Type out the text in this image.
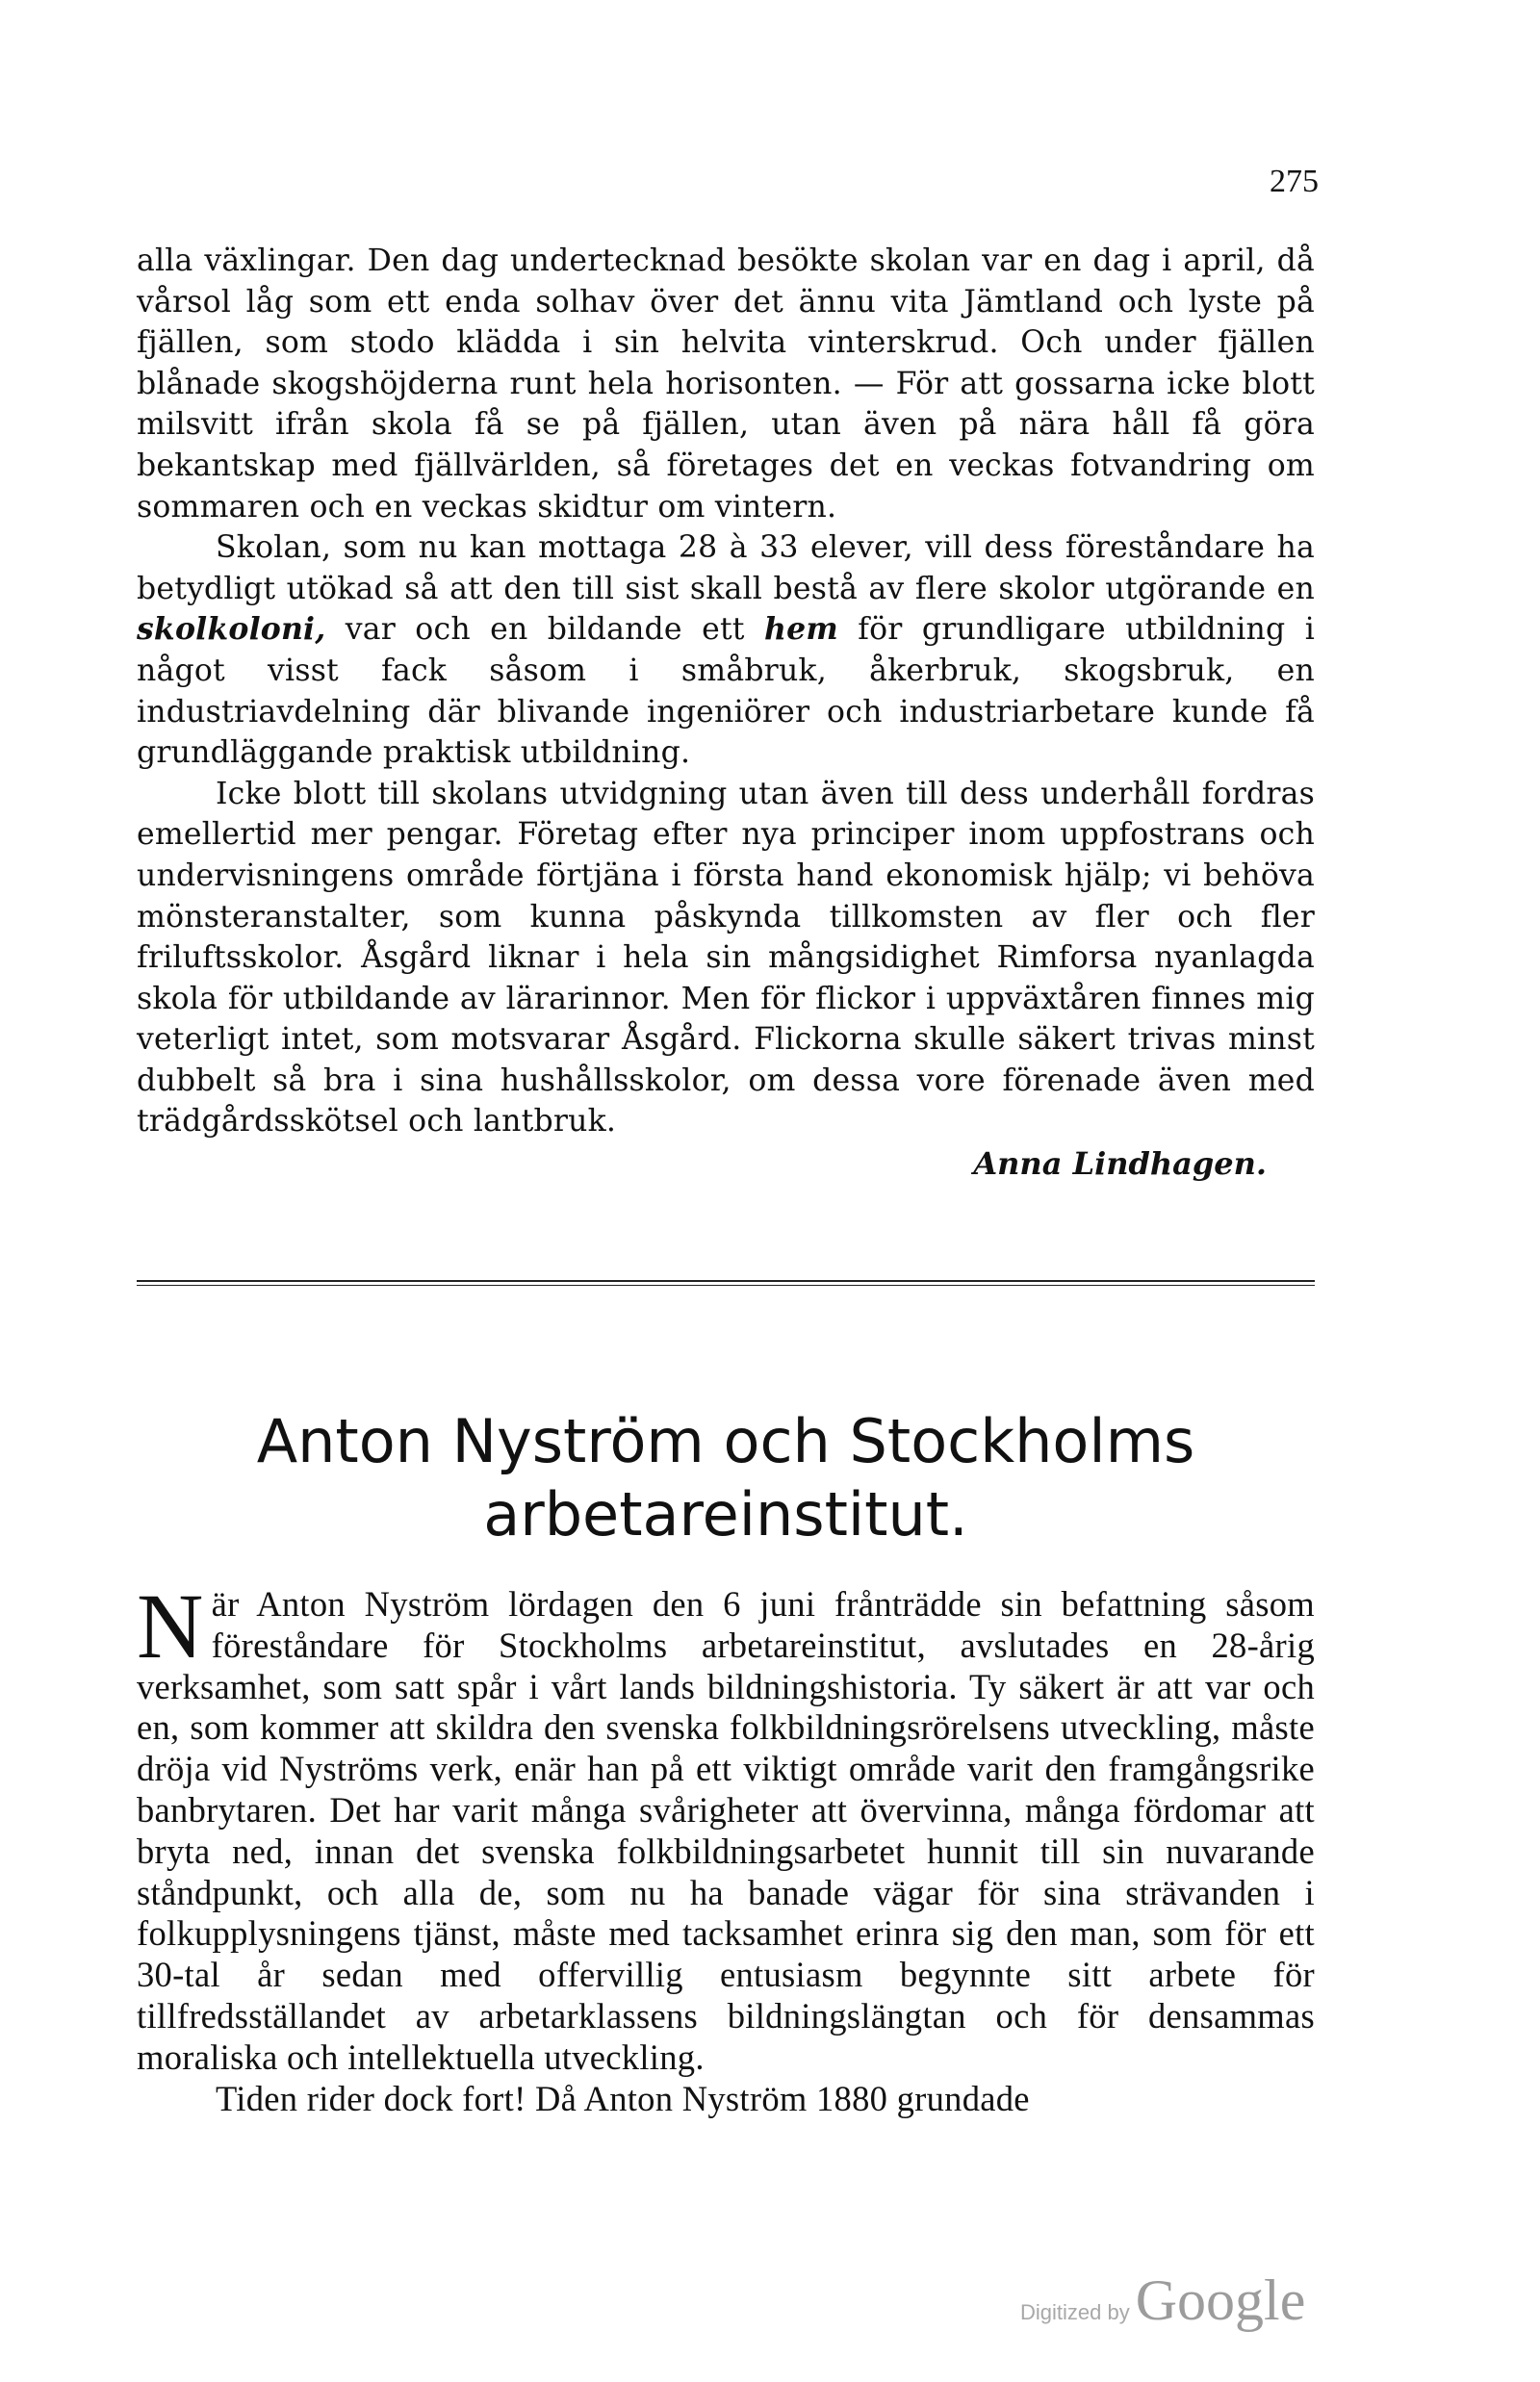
275

alla växlingar. Den dag undertecknad besökte skolan var en dag i april, då vårsol låg som ett enda solhav över det ännu vita Jämtland och lyste på fjällen, som stodo klädda i sin helvita vinterskrud. Och under fjällen blånade skogshöjderna runt hela horisonten. — För att gossarna icke blott milsvitt ifrån skola få se på fjällen, utan även på nära håll få göra bekantskap med fjällvärlden, så företages det en veckas fotvandring om sommaren och en veckas skidtur om vintern.

Skolan, som nu kan mottaga 28 à 33 elever, vill dess föreståndare ha betydligt utökad så att den till sist skall bestå av flere skolor utgörande en skolkoloni, var och en bildande ett hem för grundligare utbildning i något visst fack såsom i småbruk, åkerbruk, skogsbruk, en industriavdelning där blivande ingeniörer och industriarbetare kunde få grundläggande praktisk utbildning.

Icke blott till skolans utvidgning utan även till dess underhåll fordras emellertid mer pengar. Företag efter nya principer inom uppfostrans och undervisningens område förtjäna i första hand ekonomisk hjälp; vi behöva mönsteranstalter, som kunna påskynda tillkomsten av fler och fler friluftsskolor. Åsgård liknar i hela sin mångsidighet Rimforsa nyanlagda skola för utbildande av lärarinnor. Men för flickor i uppväxtåren finnes mig veterligt intet, som motsvarar Åsgård. Flickorna skulle säkert trivas minst dubbelt så bra i sina hushållsskolor, om dessa vore förenade även med trädgårdsskötsel och lantbruk.

Anna Lindhagen.

Anton Nyström och Stockholms
arbetareinstitut.

När Anton Nyström lördagen den 6 juni frånträdde sin befattning såsom föreståndare för Stockholms arbetareinstitut, avslutades en 28-årig verksamhet, som satt spår i vårt lands bildningshistoria. Ty säkert är att var och en, som kommer att skildra den svenska folkbildningsrörelsens utveckling, måste dröja vid Nyströms verk, enär han på ett viktigt område varit den framgångsrike banbrytaren. Det har varit många svårigheter att övervinna, många fördomar att bryta ned, innan det svenska folkbildningsarbetet hunnit till sin nuvarande ståndpunkt, och alla de, som nu ha banade vägar för sina strävanden i folkupplysningens tjänst, måste med tacksamhet erinra sig den man, som för ett 30-tal år sedan med offervillig entusiasm begynnte sitt arbete för tillfredsställandet av arbetarklassens bildningslängtan och för densammas moraliska och intellektuella utveckling.

Tiden rider dock fort! Då Anton Nyström 1880 grundade

Digitized by Google
